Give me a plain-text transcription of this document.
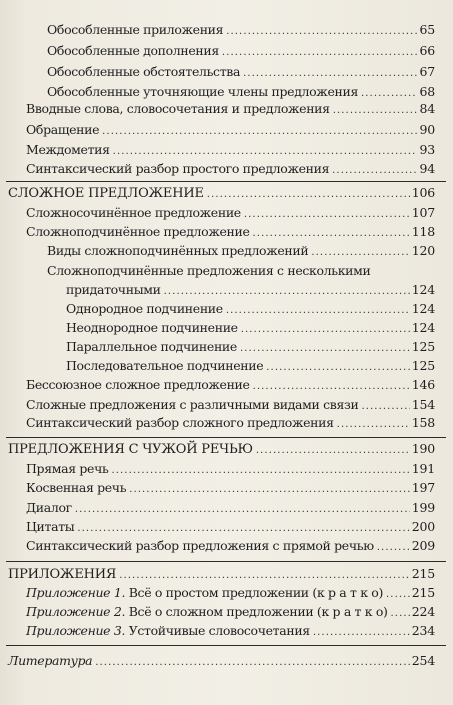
Обособленные приложения .....	65
Обособленные дополнения .....	66
Обособленные обстоятельства .....	67
Обособленные уточняющие члены предложения .....	68
Вводные слова, словосочетания и предложения .....	84
Обращение .....	90
Междометия .....	93
Синтаксический разбор простого предложения .....	94
СЛОЖНОЕ ПРЕДЛОЖЕНИЕ .....	106
Сложносочинённое предложение .....	107
Сложноподчинённое предложение .....	118
Виды сложноподчинённых предложений .....	120
Сложноподчинённые предложения с несколькими
придаточными .....	124
Однородное подчинение .....	124
Неоднородное подчинение .....	124
Параллельное подчинение .....	125
Последовательное подчинение .....	125
Бессоюзное сложное предложение .....	146
Сложные предложения с различными видами связи .....	154
Синтаксический разбор сложного предложения .....	158
ПРЕДЛОЖЕНИЯ С ЧУЖОЙ РЕЧЬЮ .....	190
Прямая речь .....	191
Косвенная речь .....	197
Диалог .....	199
Цитаты .....	200
Синтаксический разбор предложения с прямой речью .....	209
ПРИЛОЖЕНИЯ .....	215
Приложение 1. Всё о простом предложении (к р а т к о) ..... 215
Приложение 2. Всё о сложном предложении (к р а т к о) ..... 224
Приложение 3. Устойчивые словосочетания .....	234
Литература .....	254
